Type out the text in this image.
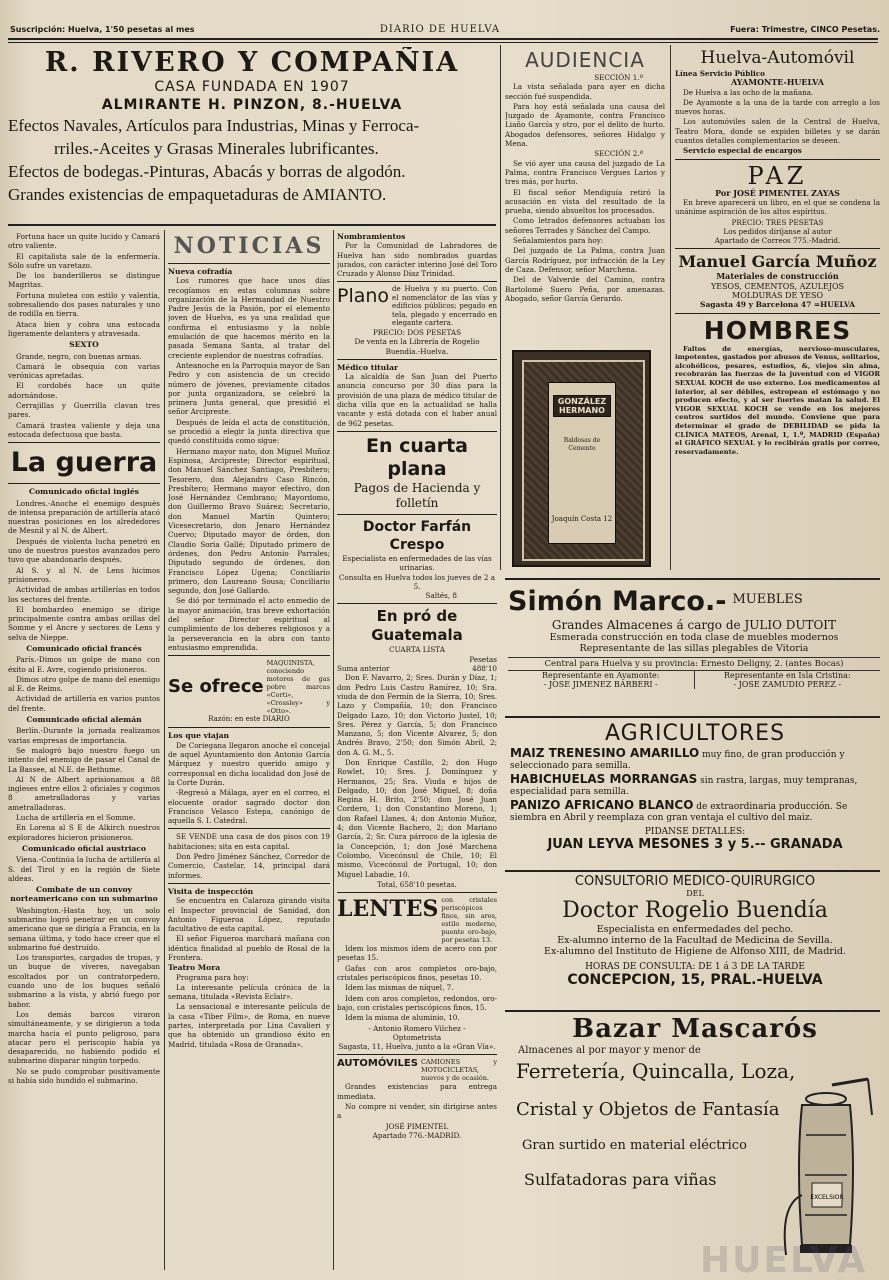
Suscripción: Huelva, 1'50 pesetas al mes	DIARIO DE HUELVA	Fuera: Trimestre, CINCO Pesetas.
R. RIVERO Y COMPAÑIA
CASA FUNDADA EN 1907
ALMIRANTE H. PINZON, 8.-HUELVA
Efectos Navales, Artículos para Industrias, Minas y Ferroca-
rriles.-Aceites y Grasas Minerales lubrificantes.
Efectos de bodegas.-Pinturas, Abacás y borras de algodón.
Grandes existencias de empaquetaduras de AMIANTO.

Fortuna hace un quite lucido y Camará otro valiente.

El capitalista sale de la enfermería. Sólo sufre un varetazo.

De los banderilleros se distingue Magritas.

Fortuna muletea con estilo y valentía, sobresaliendo dos pases naturales y uno de rodilla en tierra.

Ataca bien y cobra una estocada ligeramente delantera y atravesada.

SEXTO

Grande, negro, con buenas armas.

Camará le obsequia con varias verónicas apretadas.

El cordobés hace un quite adornándose.

Cerrajillas y Guerrilla clavan tres pares.

Camará trastea valiente y deja una estocada defectuosa que basta.

La guerra
Comunicado oficial inglés

Londres.-Anoche el enemigo después de intensa preparación de artillería atacó nuestras posiciones en los alrededores de Mesnil y al N. de Albert.

Después de violenta lucha penetró en uno de nuestros puestos avanzados pero tuvo que abandonarlo después.

Al S. y al N. de Lens hicimos prisioneros.

Actividad de ambas artillerías en todos los sectores del frente.

El bombardeo enemigo se dirige principalmente contra ambas orillas del Somme y el Ancre y sectores de Lens y selva de Nieppe.

Comunicado oficial francés

París.-Dimos un golpe de mano con éxito al E. Avre, cogiendo prisioneros.

Dimos otro golpe de mano del enemigo al E. de Reims.

Actividad de artillería en varios puntos del frente.

Comunicado oficial alemán

Berlín.-Durante la jornada realizamos varias empresas de importancia.

Se malogró bajo nuestro fuego un intento del enemigo de pasar el Canal de La Bassee, al N.E. de Bethume.

Al N de Albert aprisionamos a 88 ingleses entre ellos 2 oficiales y cogimos 8 ametralladoras y varias ametralladoras.

Lucha de artillería en el Somme.

En Lorena al S E de Alkirch nuestros exploradores hicieron prisioneros.

Comunicado oficial austriaco

Viena.-Continúa la lucha de artillería al S. del Tirol y en la región de Siete aldeas.

Combate de un convoy norteamericano con un submarino

Washington.-Hasta hoy, un solo submarino logró penetrar en un convoy americano que se dirigía a Francia, en la semana última, y todo hace creer que el submarino fué destruído.

Los transportes, cargados de tropas, y un buque de víveres, navegaban escoltados por un contratorpedero, cuando uno de los buques señaló submarino a la vista, y abrió fuego por babor.

Los demás barcos viraron simultáneamente, y se dirigieron a toda marcha hacia el punto peligroso, para atacar pero el periscopio había ya desaparecido, no habiendo podido el submarino disparar ningún torpedo.

No se pudo comprobar positivamente si había sido hundido el submarino.

NOTICIAS
Nueva cofradía

Los rumores que hace unos días recogíamos en estas columnas sobre organización de la Hermandad de Nuestro Padre Jesús de la Pasión, por el elemento joven de Huelva, es ya una realidad que confirma el entusiasmo y la noble emulación de que hacemos mérito en la pasada Semana Santa, al tratar del creciente esplendor de nuestras cofradías.

Anteanoche en la Parroquia mayor de San Pedro y con asistencia de un crecido número de jóvenes, previamente citados por junta organizadora, se celebró la primera Junta general, que presidió el señor Arcipreste.

Después de leída el acta de constitución, se procedió a elegir la junta directiva que quedó constituída como sigue:

Hermano mayor nato, don Miguel Muñoz Espinosa, Arcipreste; Director espiritual, don Manuel Sánchez Santiago, Presbítero; Tesorero, don Alejandro Caso Rincón, Presbítero; Hermano mayor efectivo, don José Hernández Cembrano; Mayordomo, don Guillermo Bravo Suárez; Secretario, don Manuel Martín Quintero; Vicesecretario, don Jenaro Hernández Cuervo; Diputado mayor de órden, don Claudio Soria Gallé; Diputado primero de órdenes, don Pedro Antonio Parrales; Diputado segundo de órdenes, don Francisco López Ugena; Conciliario primero, don Laureano Sousa; Conciliario segundo, don José Gallardo.

Se dió por terminado el acto enmedio de la mayor animación, tras breve exhortación del señor Director espiritual al cumplimiento de los deberes religiosos y a la perseverancia en la obra con tanto entusiasmo emprendida.

Se ofrece
MAQUINISTA, conociendo motores de gas pobre marcas «Corti», «Crossley» y «Otto».
Razón: en este DIARIO
Los que viajan

De Coriegana llegaron anoche el concejal de aquel Ayuntamiento don Antonio García Márquez y nuestro querido amigo y corresponsal en dicha localidad don José de la Corte Durán.

-Regresó a Málaga, ayer en el correo, el elocuente orador sagrado doctor don Francisco Velasco Estepa, canónigo de aquella S. I. Catedral.

SE VENDE una casa de dos pisos con 19 habitaciones; sita en esta capital.

Don Pedro Jiménez Sánchez, Corredor de Comercio, Castelar, 14, principal dará informes.

Visita de inspección

Se encuentra en Calaroza girando visita el Inspector provincial de Sanidad, don Antonio Figueroa López, reputado facultativo de esta capital.

El señor Figueroa marchará mañana con idéntica finalidad al pueblo de Rosal de la Frontera.

Teatro Mora

Programa para hoy:

La interesante película crónica de la semana, titulada «Revista Eclair».

La sensacional e interesante película de la casa «Tiber Film», de Roma, en nueve partes, interpretada por Lina Cavalieri y que ha obtenido un grandioso éxito en Madrid, titulada «Rosa de Granada».

Nombramientos

Por la Comunidad de Labradores de Huelva han sido nombrados guardas jurados, con carácter interino José del Toro Cruzado y Alonso Díaz Trinidad.

Plano de Huelva y su puerto. Con el nomenclátor de las vías y edificios públicos; pegado en tela, plegado y encerrado en elegante cartera.
PRECIO: DOS PESETAS
De venta en la Librería de Rogelio Buendía.-Huelva.
Médico titular

La alcaldía de San Juan del Puerto anuncia concurso por 30 días para la provisión de una plaza de médico titular de dicha villa que en la actualidad se halla vacante y está dotada con el haber anual de 962 pesetas.

En cuarta plana
Pagos de Hacienda y folletín
Doctor Farfán Crespo
Especialista en enfermedades de las vías urinarias.
Consulta en Huelva todos los jueves de 2 a 5.
Saltés, 8
En pró de Guatemala
CUARTA LISTA
Pesetas
Suma anterior	488'10

Don F. Navarro, 2; Sres. Durán y Díaz, 1; don Pedro Luis Castro Ramírez, 10; Sra. viuda de don Fermín de la Sierra, 10; Sres. Lazo y Compañía, 10; don Francisco Delgado Lazo, 10; don Victorio Justel, 10; Sres. Pérez y García, 5; don Francisco Manzano, 5; don Vicente Alvarez, 5; don Andrés Bravo, 2'50; don Simón Abril, 2; don A. G. M., 5.

Don Enrique Castillo, 2; don Hugo Rowlet, 10; Sres. J. Domínguez y Hermanos, 25; Sra. Viuda e hijos de Delgado, 10; don José Miguel, 8; doña Regina H. Brito, 2'50; don José Juan Cordero, 1; don Constantino Moreno, 1; don Rafael Llanes, 4; don Antonio Muñoz, 4; don Vicente Bachero, 2; don Mariano García, 2; Sr. Cura párroco de la iglesia de la Concepción, 1; don José Marchena Colombo, Vicecónsul de Chile, 10; El mismo, Vicecónsul de Portugal, 10; don Miguel Labadie, 10.

Total, 658'10 pesetas.
LENTES con cristales periscópicos finos, sin aros, estilo moderno, puente oro-bajo, por pesetas 13.

Idem los mismos ídem de acero con por pesetas 15.

Gafas con aros completos oro-bajo, cristales periscópicos finos, pesetas 10.

Idem las mismas de níquel, 7.

Idem con aros completos, redondos, oro-bajo, con cristales periscópicos finos, 15.

Idem la misma de aluminio, 10.

- Antonio Romero Vilchez -
Optometrista
Sagasta, 11, Huelva, junto a la «Gran Vía».
AUTOMÓVILES CAMIONES y MOTOCICLETAS, nuevos y de ocasión.

Grandes existencias para entrega inmediata.

No compre ni vender, sin dirigirse antes a

JOSÉ PIMENTEL
Apartado 776.-MADRID.
AUDIENCIA
SECCIÓN 1.ª

La vista señalada para ayer en dicha sección fué suspendida.

Para hoy está señalada una causa del Juzgado de Ayamonte, contra Francisco Liaño García y otro, por el delito de hurto. Abogados defensores, señores Hidalgo y Mena.

SECCIÓN 2.ª

Se vió ayer una causa del juzgado de La Palma, contra Francisco Vergues Larios y tres más, por hurto.

El fiscal señor Mendiguía retiró la acusación en vista del resultado de la prueba, siendo absueltos los procesados.

Como letrados defensores actuaban los señores Terrades y Sánchez del Campo.

Señalamientos para hoy:

Del juzgado de La Palma, contra Juan García Rodríguez, por infracción de la Ley de Caza. Defensor, señor Marchena.

Del de Valverde del Camino, contra Bartolomé Suero Peña, por amenazas. Abogado, señor García Gerardo.

GONZÁLEZ HERMANO
Baldosas de Cemento
Joaquín Costa 12
Huelva-Automóvil
Línea Servicio Público
AYAMONTE-HUELVA

De Huelva a las ocho de la mañana.

De Ayamonte a la una de la tarde con arreglo a los nuevos horas.

Los automóviles salen de la Central de Huelva, Teatro Mora, donde se expiden billetes y se darán cuantos detalles complementarios se deseen.

Servicio especial de encargos

PAZ
Por JOSÉ PIMENTEL ZAYAS

En breve aparecerá un libro, en el que se condena la unánime aspiración de los altos espíritus.

PRECIO: TRES PESETAS
Los pedidos diríjanse al autor
Apartado de Correos 775.-Madrid.
Manuel García Muñoz
Materiales de construcción
YESOS, CEMENTOS, AZULEJOS
MOLDURAS DE YESO
Sagasta 49 y Barcelona 47 =HUELVA
HOMBRES

Faltos de energías, nervioso-musculares, impotentes, gastados por abusos de Venus, solitarios, alcohólicos, pesares, estudios, &, viejos sin alma, recobrarán las fuerzas de la juventud con el VIGOR SEXUAL KOCH de uso externo. Los medicamentos al interior, al ser débiles, estropean el estómago y no producen efecto, y al ser fuertes matan la salud. El VIGOR SEXUAL KOCH se vende en los mejores centros surtidos del mundo. Conviene que para determinar el grado de DEBILIDAD se pida la CLÍNICA MATEOS, Arenal, 1, 1.º, MADRID (España) el GRÁFICO SEXUAL y lo recibirán gratis por correo, reservadamente.

Simón Marco.- MUEBLES
Grandes Almacenes á cargo de JULIO DUTOIT
Esmerada construcción en toda clase de muebles modernos
Representante de las sillas plegables de Vitoria
Central para Huelva y su provincia: Ernesto Deligny, 2. (antes Bocas)
Representante en Ayamonte:
- JOSE JIMENEZ BARBERI -
Representante en Isla Cristina:
- JOSE ZAMUDIO PEREZ -
AGRICULTORES
MAIZ TRENESINO AMARILLO muy fino, de gran producción y seleccionado para semilla.
HABICHUELAS MORRANGAS sin rastra, largas, muy tempranas, especialidad para semilla.
PANIZO AFRICANO BLANCO de extraordinaria producción. Se siembra en Abril y reemplaza con gran ventaja el cultivo del maiz.
PIDANSE DETALLES:
JUAN LEYVA MESONES 3 y 5.-- GRANADA
CONSULTORIO MÉDICO-QUIRÚRGICO
DEL
Doctor Rogelio Buendía
Especialista en enfermedades del pecho.
Ex-alumno interno de la Facultad de Medicina de Sevilla.
Ex-alumno del Instituto de Higiene de Alfonso XIII, de Madrid.
HORAS DE CONSULTA: DE 1 á 3 DE LA TARDE
CONCEPCION, 15, PRAL.-HUELVA
Bazar Mascarós
Almacenes al por mayor y menor de
Ferretería, Quincalla, Loza,
Cristal y Objetos de Fantasía
Gran surtido en material eléctrico
Sulfatadoras para viñas
EXCELSIOR
HUELVA
